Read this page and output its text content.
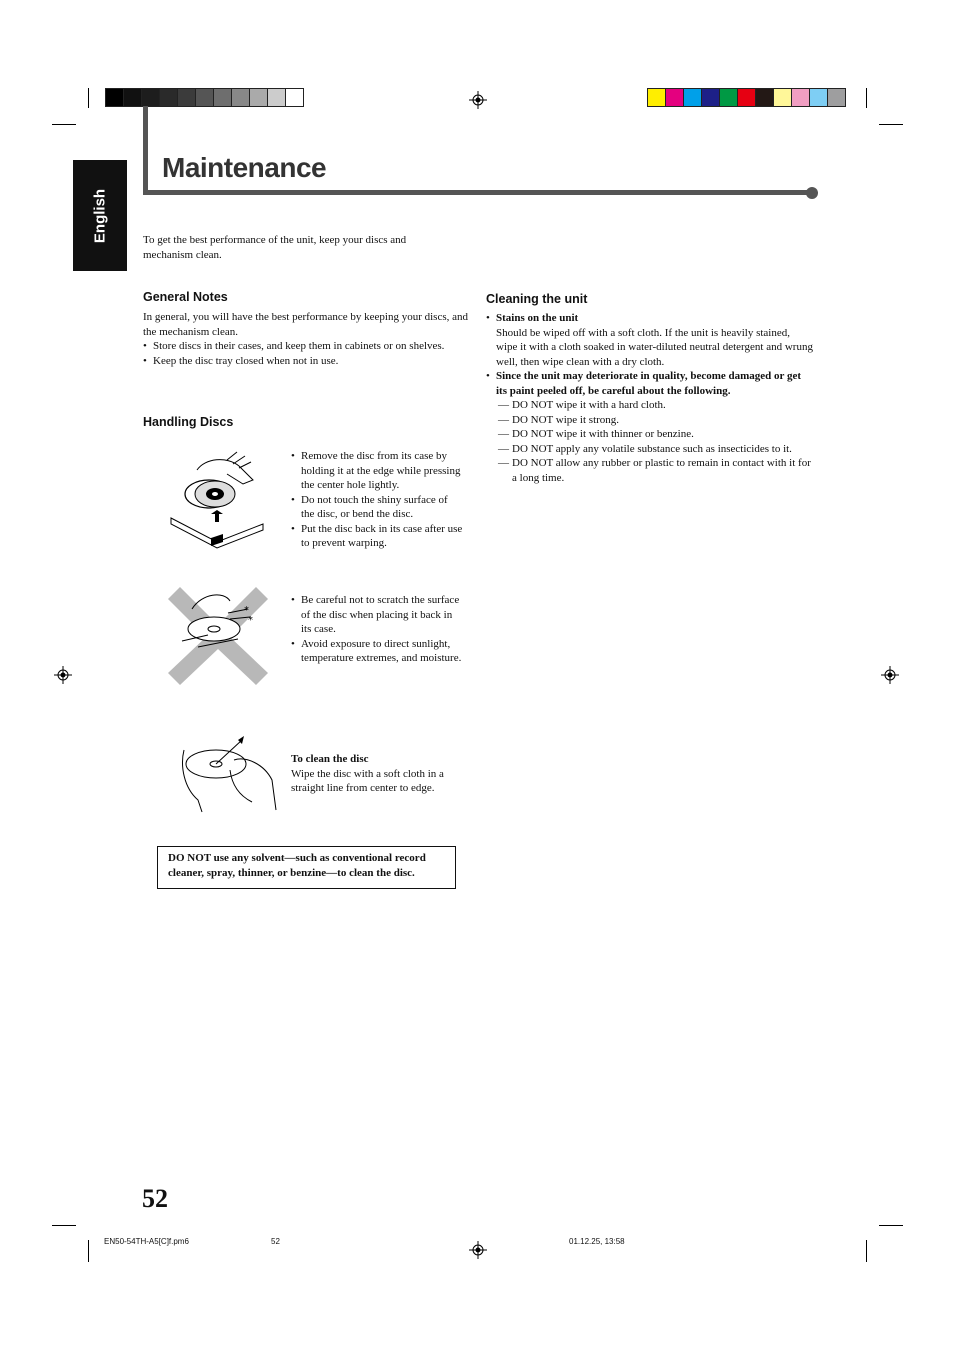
English
Maintenance
To get the best performance of the unit, keep your discs and mechanism clean.
General Notes
In general, you will have the best performance by keeping your discs, and the mechanism clean.
• Store discs in their cases, and keep them in cabinets or on shelves.
• Keep the disc tray closed when not in use.
Handling Discs
• Remove the disc from its case by holding it at the edge while pressing the center hole lightly.
• Do not touch the shiny surface of the disc, or bend the disc.
• Put the disc back in its case after use to prevent warping.
*
*
• Be careful not to scratch the surface of the disc when placing it back in its case.
• Avoid exposure to direct sunlight, temperature extremes, and moisture.
To clean the disc
Wipe the disc with a soft cloth in a straight line from center to edge.
DO NOT use any solvent—such as conventional record cleaner, spray, thinner, or benzine—to clean the disc.
Cleaning the unit
• Stains on the unit
Should be wiped off with a soft cloth. If the unit is heavily stained, wipe it with a cloth soaked in water-diluted neutral detergent and wrung well, then wipe clean with a dry cloth.
• Since the unit may deteriorate in quality, become damaged or get its paint peeled off, be careful about the following.
— DO NOT wipe it with a hard cloth.
— DO NOT wipe it strong.
— DO NOT wipe it with thinner or benzine.
— DO NOT apply any volatile substance such as insecticides to it.
— DO NOT allow any rubber or plastic to remain in contact with it for a long time.
52
EN50-54TH-A5[C]f.pm6	52	01.12.25, 13:58
